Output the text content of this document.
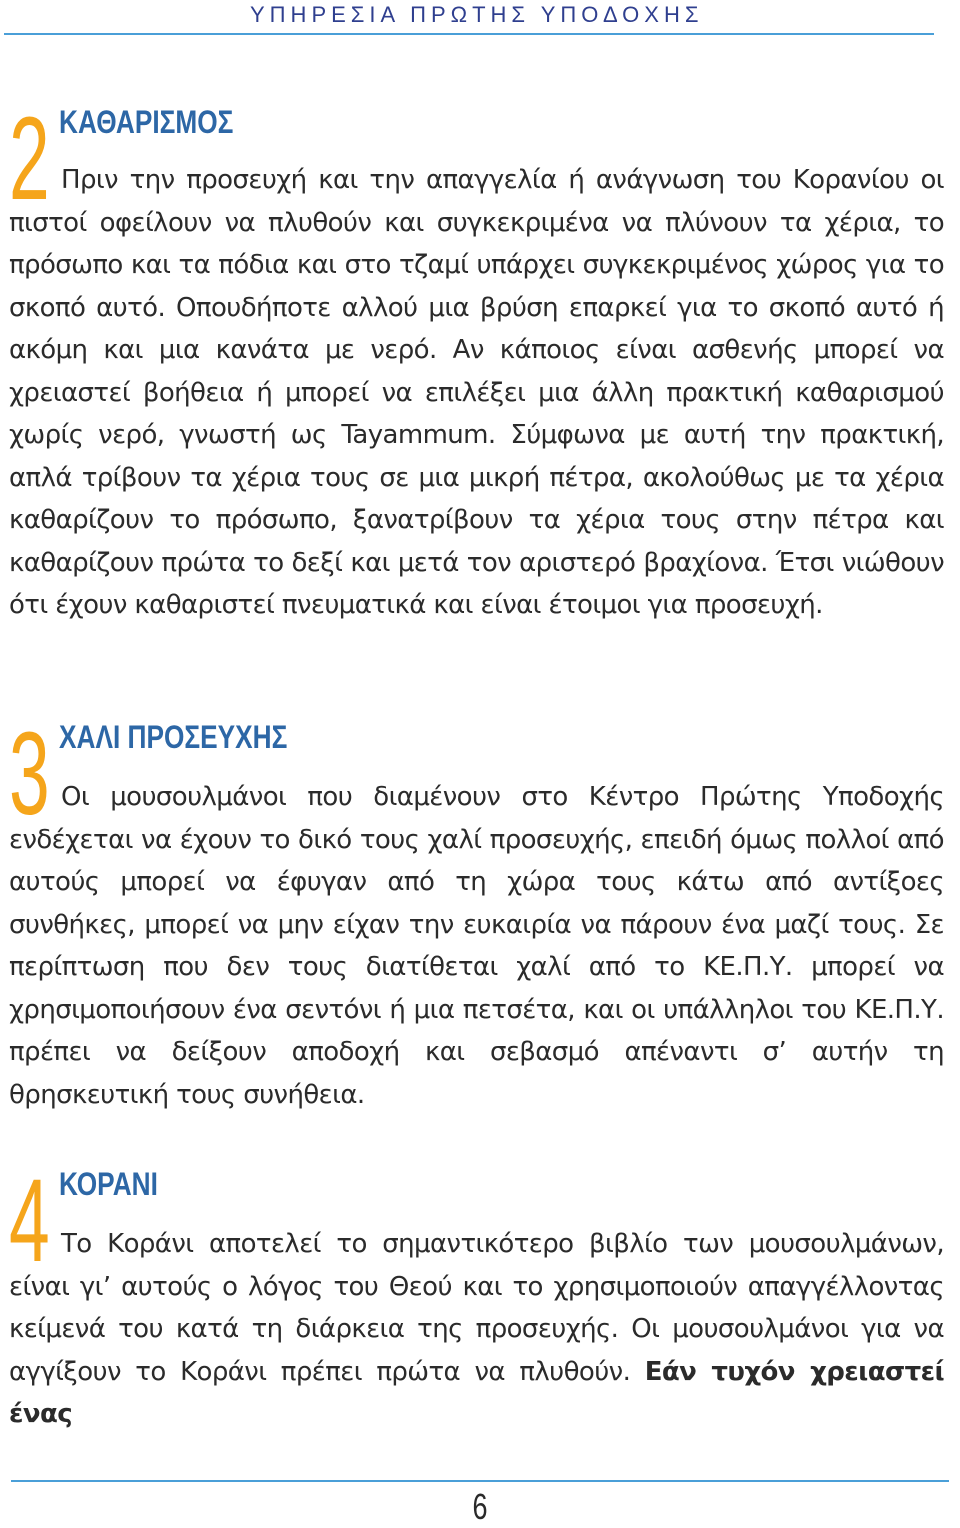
ΥΠΗΡΕΣΙΑ ΠΡΩΤΗΣ ΥΠΟΔΟΧΗΣ
2 ΚΑΘΑΡΙΣΜΟΣ
Πριν την προσευχή και την απαγγελία ή ανάγνωση του Κορανίου οι πιστοί οφείλουν να πλυθούν και συγκεκριμένα να πλύνουν τα χέρια, το πρόσωπο και τα πόδια και στο τζαμί υπάρχει συγκεκριμένος χώρος για το σκοπό αυτό. Οπουδήποτε αλλού μια βρύση επαρκεί για το σκοπό αυτό ή ακόμη και μια κανάτα με νερό. Αν κάποιος είναι ασθενής μπορεί να χρειαστεί βοήθεια ή μπορεί να επιλέξει μια άλλη πρακτική καθαρισμού χωρίς νερό, γνωστή ως Tayammum. Σύμφωνα με αυτή την πρακτική, απλά τρίβουν τα χέρια τους σε μια μικρή πέτρα, ακολούθως με τα χέρια καθαρίζουν το πρόσωπο, ξανατρίβουν τα χέρια τους στην πέτρα και καθαρίζουν πρώτα το δεξί και μετά τον αριστερό βραχίονα. Έτσι νιώθουν ότι έχουν καθαριστεί πνευματικά και είναι έτοιμοι για προσευχή.
3 ΧΑΛΙ ΠΡΟΣΕΥΧΗΣ
Οι μουσουλμάνοι που διαμένουν στο Κέντρο Πρώτης Υποδοχής ενδέχεται να έχουν το δικό τους χαλί προσευχής, επειδή όμως πολλοί από αυτούς μπορεί να έφυγαν από τη χώρα τους κάτω από αντίξοες συνθήκες, μπορεί να μην είχαν την ευκαιρία να πάρουν ένα μαζί τους. Σε περίπτωση που δεν τους διατίθεται χαλί από το ΚΕ.Π.Υ. μπορεί να χρησιμοποιήσουν ένα σεντόνι ή μια πετσέτα, και οι υπάλληλοι του ΚΕ.Π.Υ. πρέπει να δείξουν αποδοχή και σεβασμό απέναντι σ’ αυτήν τη θρησκευτική τους συνήθεια.
4 ΚΟΡΑΝΙ
Το Κοράνι αποτελεί το σημαντικότερο βιβλίο των μουσουλμάνων, είναι γι’ αυτούς ο λόγος του Θεού και το χρησιμοποιούν απαγγέλλοντας κείμενά του κατά τη διάρκεια της προσευχής. Οι μουσουλμάνοι για να αγγίξουν το Κοράνι πρέπει πρώτα να πλυθούν. Εάν τυχόν χρειαστεί ένας
6
